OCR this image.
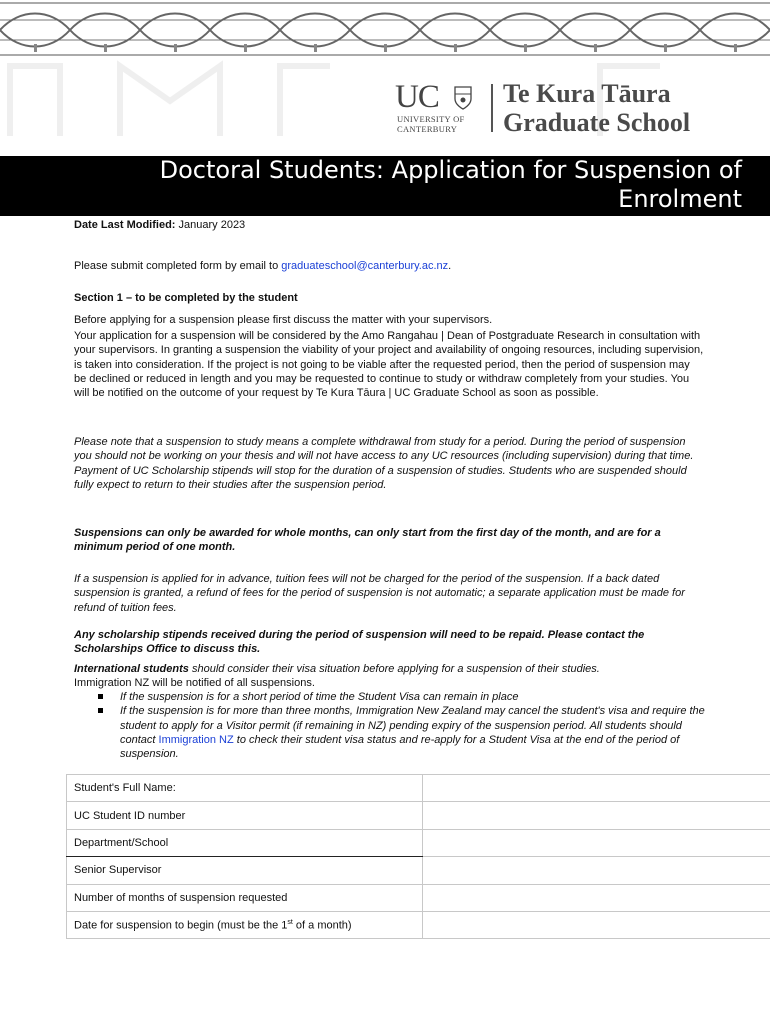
UC
UNIVERSITY OF
CANTERBURY
Te Kura Tāura
Graduate School
Doctoral Students: Application for Suspension of Enrolment
Date Last Modified: January 2023

Please submit completed form by email to graduateschool@canterbury.ac.nz.

Section 1 – to be completed by the student

Before applying for a suspension please first discuss the matter with your supervisors.

Your application for a suspension will be considered by the Amo Rangahau | Dean of Postgraduate Research in consultation with your supervisors. In granting a suspension the viability of your project and availability of ongoing resources, including supervision, is taken into consideration. If the project is not going to be viable after the requested period, then the period of suspension may be declined or reduced in length and you may be requested to continue to study or withdraw completely from your studies. You will be notified on the outcome of your request by Te Kura Tāura | UC Graduate School as soon as possible.

Please note that a suspension to study means a complete withdrawal from study for a period. During the period of suspension you should not be working on your thesis and will not have access to any UC resources (including supervision) during that time. Payment of UC Scholarship stipends will stop for the duration of a suspension of studies. Students who are suspended should fully expect to return to their studies after the suspension period.

Suspensions can only be awarded for whole months, can only start from the first day of the month, and are for a minimum period of one month.

If a suspension is applied for in advance, tuition fees will not be charged for the period of the suspension. If a back dated suspension is granted, a refund of fees for the period of suspension is not automatic; a separate application must be made for refund of tuition fees.

Any scholarship stipends received during the period of suspension will need to be repaid. Please contact the Scholarships Office to discuss this.

International students should consider their visa situation before applying for a suspension of their studies.
Immigration NZ will be notified of all suspensions.

If the suspension is for a short period of time the Student Visa can remain in place
If the suspension is for more than three months, Immigration New Zealand may cancel the student's visa and require the student to apply for a Visitor permit (if remaining in NZ) pending expiry of the suspension period. All students should contact Immigration NZ to check their student visa status and re-apply for a Student Visa at the end of the period of suspension.
Student's Full Name:	
UC Student ID number	
Department/School	
Senior Supervisor	
Number of months of suspension requested	
Date for suspension to begin (must be the 1st of a month)	
